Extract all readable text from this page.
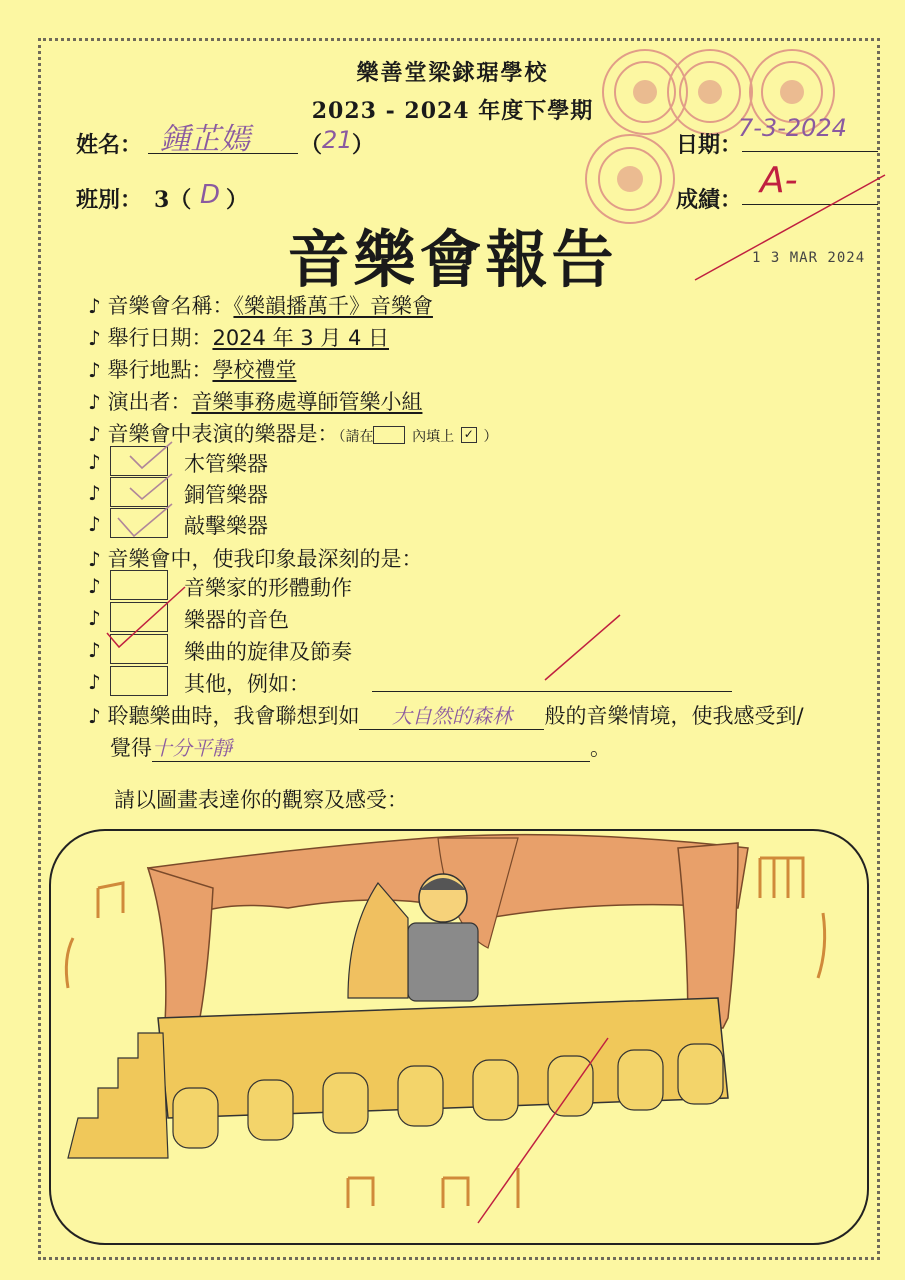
樂善堂梁銶琚學校
2023 - 2024 年度下學期
姓名： 鍾芷嫣 （ 21 ）	日期：
7-3-2024
班別： 3（ D ）	成績： A-
音樂會報告	1 3 MAR 2024
♪ 音樂會名稱：《樂韻播萬千》音樂會
♪ 舉行日期：2024 年 3 月 4 日
♪ 舉行地點：學校禮堂
♪ 演出者：音樂事務處導師管樂小組
♪ 音樂會中表演的樂器是：（請在	內填上 ✓ ）
♪	木管樂器
♪	銅管樂器
♪	敲擊樂器
♪ 音樂會中，使我印象最深刻的是：
♪	音樂家的形體動作
♪	樂器的音色
♪	樂曲的旋律及節奏
♪	其他，例如：
♪ 聆聽樂曲時，我會聯想到如 大自然的森林 般的音樂情境，使我感受到/
覺得十分平靜	。
請以圖畫表達你的觀察及感受：
